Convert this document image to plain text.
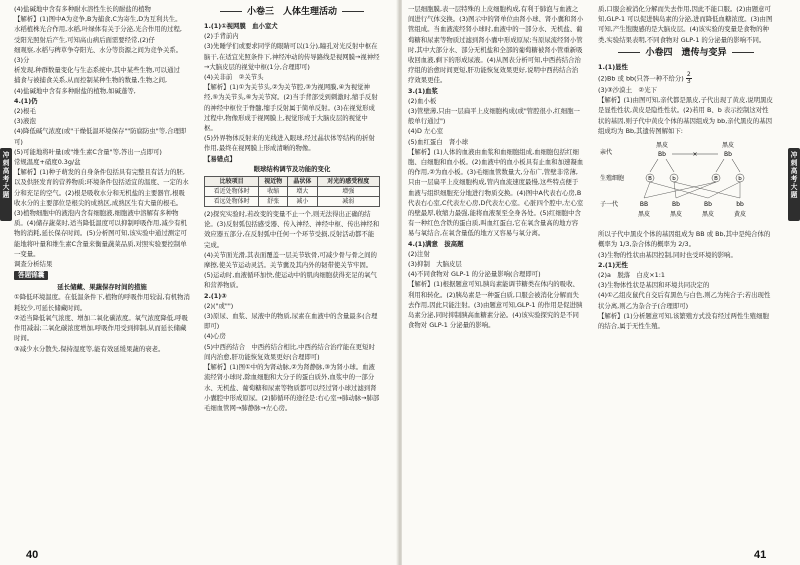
(4)盐碱地中含有多种耐水溶性生长的耐盐的植物

【解析】(1)图中A为竞争,B为捕食,C为寄生,D为互利共生。

水稻植株光合作用,水稻,叶绿体有关于分泌,光合作用的过程,

受阳光照射后产生,可知高山病后面需要经常,(2)仔

细观察,水稻与稗草争夺阳光、水分等资源之间为竞争关系。(3)分

析发现,种群数量变化与生态系统中,其中某些生物,可以通过

捕食与被捕食关系,从而控制某种生物的数量,生物之间,

(4)盐碱地中含有多种耐盐的植物,如碱蓬等,

4.(1)仍

(2)根毛

(3)液泡

(4)降低碱气浓度(或"干燥低温环境保存""防腐防虫"等,合理即可)

(5)可能地将叶量(或"维生素C含量"等,答出一点即可)

常规温度+硝度0.3g/盆

【解析】(1)种子萌发的自身条件包括具有完整且有活力的胚,以及供胚发育的营养物质;环境条件包括适宜的温度、一定的水分和充足的空气。(2)根是吸收水分和无机盐的主要器官,根吸收水分的主要部位是根尖的成熟区,成熟区生有大量的根毛。(3)植物细胞中的液泡内含有细胞液,细胞液中溶解有多种物质。(4)储存蔬菜时,适当降低温度可以抑制呼吸作用,减少有机物的消耗,延长保存时间。(5)分析图可知,该实验中通过测定可能地将叶量和维生素C含量来衡量蔬菜品质,对照实验要控制单一变量。

调查分析结果

答题锦囊

延长储藏、果蔬保存时间的措施

①降低环境温度。在低温条件下,植物的呼吸作用较弱,有机物消耗较少,可延长储藏时间。

②适当降低氧气浓度、增加二氧化碳浓度。氧气浓度降低,呼吸作用减弱;二氧化碳浓度增加,呼吸作用受到抑制,从而延长储藏时间。

③减少水分散失,保持湿度等,能有效延缓果蔬的衰老。

小卷三　人体生理活动

1.(1)①视网膜　血小室犬

(2)手背前内

(3)先睡学们或要求同学的眼睛可以(1分),瞳孔对光反射中枢在脑干,在适宜光照条件下,神经冲动的传导路线是视网膜→视神经→大脑皮层的视觉中枢(1分,合理即可)

(4)关非前　②关节头

【解析】(1)①为关节头,②为关节腔,③为视网膜,④为视觉神经,⑤为关节头,⑥为关节窝。(2)当手背部受到刺激时,缩手反射的神经中枢位于脊髓,缩手反射属于简单反射。(3)在视觉形成过程中,物像形成于视网膜上,视觉形成于大脑皮层的视觉中枢。

(5)外界物体反射来的光线进入眼球,经过晶状体等结构的折射作用,最终在视网膜上形成清晰的物像。

【易错点】

眼球结构调节及功能的变化
比较项目	视近物	晶状体	对光的感受程度
看近处物体时	收缩	增大	增强
看远处物体时	舒张	减小	减弱

(2)探究实验时,若改变的变量不止一个,则无法得出正确的结论。(3)反射弧包括感受器、传入神经、神经中枢、传出神经和效应器五部分,在反射弧中任何一个环节受损,反射活动都不能完成。

(4)关节面光滑,其表面覆盖一层关节软骨,可减少骨与骨之间的摩擦,使关节运动灵活。关节囊及其内外的韧带使关节牢固。(5)运动时,血液循环加快,使运动中的肌肉细胞获得充足的氧气和营养物质。

2.(1)③

(2)("或"")

(3)原尿、血浆、尿液中的物质,尿素在血液中的含量最多(合理即可)

(4)心房

(5)中西药结合　中西药结合相比,中西药结合治疗能在更短时间内治愈,肝功能恢复效果更好(合理即可)

【解析】(1)图①中的为肾动脉,②为肾静脉,③为肾小球。血液流经肾小球时,除血细胞和大分子的蛋白质外,血浆中的一部分水、无机盐、葡萄糖和尿素等物质都可以经过肾小球过滤到肾小囊腔中形成原尿。(2)肺循环的途径是:右心室→肺动脉→肺部毛细血管网→肺静脉→左心房。

冲
刺
高
考
大
题
40

一层细胞膜,表一层特殊的上皮细胞构成,有利于肺泡与血液之间进行气体交换。(3)图示中的肾单位由肾小球、肾小囊和肾小管组成。当血液流经肾小球时,血液中的一部分水、无机盐、葡萄糖和尿素等物质过滤到肾小囊中形成原尿;当原尿流经肾小管时,其中大部分水、部分无机盐和全部的葡萄糖被肾小管重新吸收回血液,剩下的形成尿液。(4)从图表分析可知,中西药结合治疗组的治愈时间更短,肝功能恢复效果更好,说明中西药结合治疗效果更佳。

3.(1)血浆

(2)血小板

(3)管壁薄,只由一层扁平上皮细胞构成(或"管腔很小,红细胞一般单行通过")

(4)D 左心室

(5)血红蛋白　肾小球

【解析】(1)人体的血液由血浆和血细胞组成,血细胞包括红细胞、白细胞和血小板。(2)血液中的血小板具有止血和加速凝血的作用,②为血小板。(3)毛细血管数量大,分布广,管壁非常薄,只由一层扁平上皮细胞构成,管内血流速度最慢,这些特点便于血液与组织细胞充分地进行物质交换。(4)图中A代表右心房,B代表右心室,C代表左心房,D代表左心室。心脏四个腔中,左心室的壁最厚,收缩力最强,能将血液泵至全身各处。(5)红细胞中含有一种红色含铁的蛋白质,叫血红蛋白,它在氧含量高的地方容易与氧结合,在氧含量低的地方又容易与氧分离。

4.(1)满意　拔高题

(2)注射

(3)抑制　大脑皮层

(4)不同食物对 GLP-1 的分泌量影响(合理即可)

【解析】(1)根据题意可知,胰岛素能调节糖类在体内的吸收、利用和转化。(2)胰岛素是一种蛋白质,口服会被消化分解而失去作用,因此只能注射。(3)由题意可知,GLP-1 的作用是促进胰岛素分泌,同时抑制胰高血糖素分泌。(4)该实验探究的是不同食物对 GLP-1 分泌量的影响。

质,口服会被消化分解而失去作用,因此不能口服。(2)由题意可知,GLP-1 可以促进胰岛素的分泌,进而降低血糖浓度。(3)由图可知,产生饱腹感的是大脑皮层。(4)该实验的变量是食物的种类,实验结果表明,不同食物对 GLP-1 的分泌量的影响不同。

小卷四　遗传与变异

1.(1)显性

(2)Bb 或 bb(只答一种不给分) $\frac{2}{3}$

(3)③沙漠土　②光下

【解析】(1)由图可知,亲代都是黑皮,子代出现了黄皮,说明黑皮是显性性状,黄皮是隐性性状。(2)若用 B、b 表示控制这对性状的基因,则子代中黄皮个体的基因组成为 bb,亲代黑皮的基因组成均为 Bb,其遗传图解如下:

亲代
生殖细胞
子一代
黑皮	黑皮
Bb	Bb
×
B	b	B	b
BB	Bb	Bb	bb
黑皮	黑皮	黑皮	黄皮

所以子代中黑皮个体的基因组成为 BB 或 Bb,其中是纯合体的概率为 1/3,杂合体的概率为 2/3。

(3)生物的性状由基因控制,同时也受环境的影响。

2.(1)无性

(2)a　脱落　白皮×1:1

(3)生物体性状是基因和环境共同决定的

(4)①乙组皮鼠代自交后有黑色与白色,则乙为纯合子;若出现性状分离,则乙为杂合子(合理即可)

【解析】(1)分析题意可知,该繁殖方式没有经过两性生殖细胞的结合,属于无性生殖。

冲
刺
高
考
大
题
41
